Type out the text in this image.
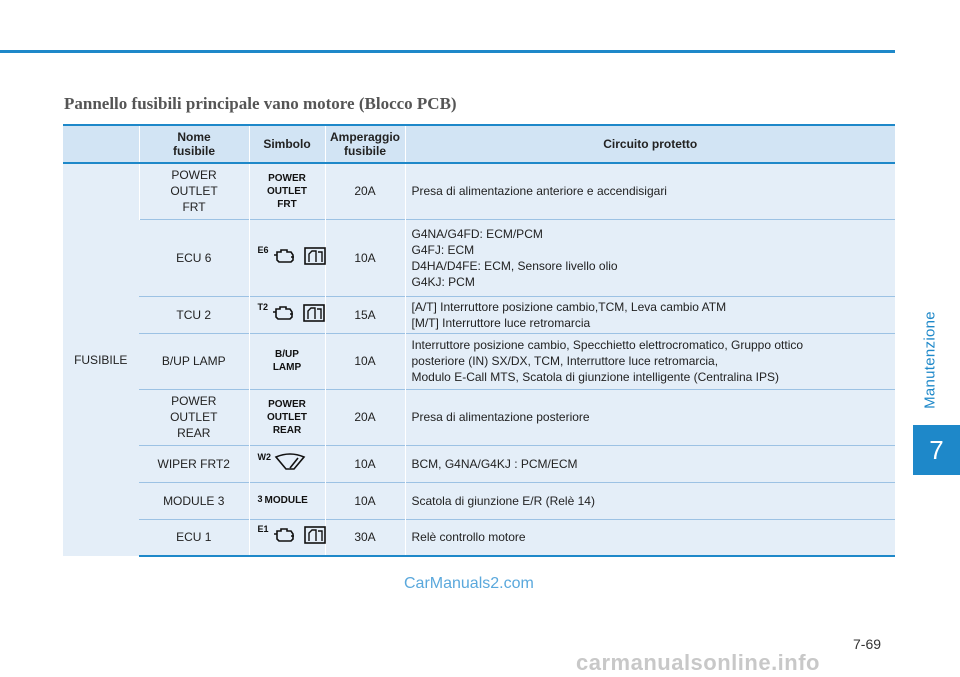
Pannello fusibili principale vano motore (Blocco PCB)
Manutenzione
7
	Nome
fusibile	Simbolo	Amperaggio
fusibile	Circuito protetto
FUSIBILE	POWER
OUTLET
FRT	POWER
OUTLET
FRT	20A	Presa di alimentazione anteriore e accendisigari
	ECU 6	E6	10A	G4NA/G4FD: ECM/PCM
G4FJ: ECM
D4HA/D4FE: ECM, Sensore livello olio
G4KJ: PCM
	TCU 2	T2	15A	[A/T] Interruttore posizione cambio,TCM, Leva cambio ATM
[M/T] Interruttore luce retromarcia
	B/UP LAMP	B/UP
LAMP	10A	Interruttore posizione cambio, Specchietto elettrocromatico, Gruppo ottico
posteriore (IN) SX/DX, TCM, Interruttore luce retromarcia,
Modulo E-Call MTS, Scatola di giunzione intelligente (Centralina IPS)
	POWER
OUTLET
REAR	POWER
OUTLET
REAR	20A	Presa di alimentazione posteriore
	WIPER FRT2	W2	10A	BCM, G4NA/G4KJ : PCM/ECM
	MODULE 3	3 MODULE	10A	Scatola di giunzione E/R (Relè 14)
	ECU 1	E1	30A	Relè controllo motore
CarManuals2.com
7-69
carmanualsonline.info
